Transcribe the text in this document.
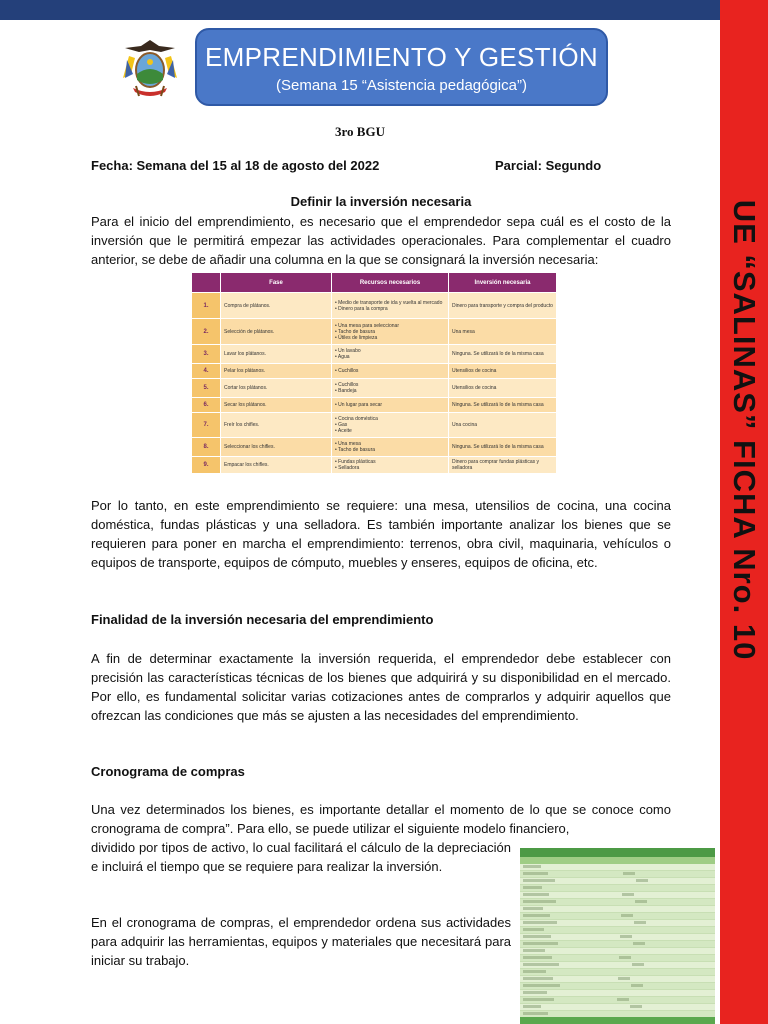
UE “SALINAS” FICHA Nro. 10
EMPRENDIMIENTO Y GESTIÓN
(Semana 15 “Asistencia pedagógica”)
3ro BGU
Fecha: Semana del 15 al 18 de agosto del 2022	Parcial: Segundo
Definir la inversión necesaria
Para el inicio del emprendimiento, es necesario que el emprendedor sepa cuál es el costo de la inversión que le permitirá empezar las actividades operacionales. Para complementar el cuadro anterior, se debe de añadir una columna en la que se consignará la inversión necesaria:
	Fase	Recursos necesarios	Inversión necesaria
1.	Compra de plátanos.	• Medio de transporte de ida y vuelta al mercado
• Dinero para la compra	Dinero para transporte y compra del producto
2.	Selección de plátanos.	• Una mesa para seleccionar
• Tacho de basura
• Útiles de limpieza	Una mesa
3.	Lavar los plátanos.	• Un lavabo
• Agua	Ninguna. Se utilizará lo de la misma casa
4.	Pelar los plátanos.	• Cuchillos	Utensilios de cocina
5.	Cortar los plátanos.	• Cuchillos
• Bandeja	Utensilios de cocina
6.	Secar los plátanos.	• Un lugar para secar	Ninguna. Se utilizará lo de la misma casa
7.	Freír los chifles.	• Cocina doméstica
• Gas
• Aceite	Una cocina
8.	Seleccionar los chifles.	• Una mesa
• Tacho de basura	Ninguna. Se utilizará lo de la misma casa
9.	Empacar los chifles.	• Fundas plásticas
• Selladora	Dinero para comprar fundas plásticas y selladora
Por lo tanto, en este emprendimiento se requiere: una mesa, utensilios de cocina, una cocina doméstica, fundas plásticas y una selladora. Es también importante analizar los bienes que se requieren para poner en marcha el emprendimiento: terrenos, obra civil, maquinaria, vehículos o equipos de transporte, equipos de cómputo, muebles y enseres, equipos de oficina, etc.
Finalidad de la inversión necesaria del emprendimiento
A fin de determinar exactamente la inversión requerida, el emprendedor debe establecer con precisión las características técnicas de los bienes que adquirirá y su disponibilidad en el mercado. Por ello, es fundamental solicitar varias cotizaciones antes de comprarlos y adquirir aquellos que ofrezcan las condiciones que más se ajusten a las necesidades del emprendimiento.
Cronograma de compras
Una vez determinados los bienes, es importante detallar el momento de lo que se conoce como cronograma de compra”. Para ello, se puede utilizar el siguiente modelo financiero,
dividido por tipos de activo, lo cual facilitará el cálculo de la depreciación e incluirá el tiempo que se requiere para realizar la inversión.
En el cronograma de compras, el emprendedor ordena sus actividades para adquirir las herramientas, equipos y materiales que necesitará para iniciar su trabajo.
